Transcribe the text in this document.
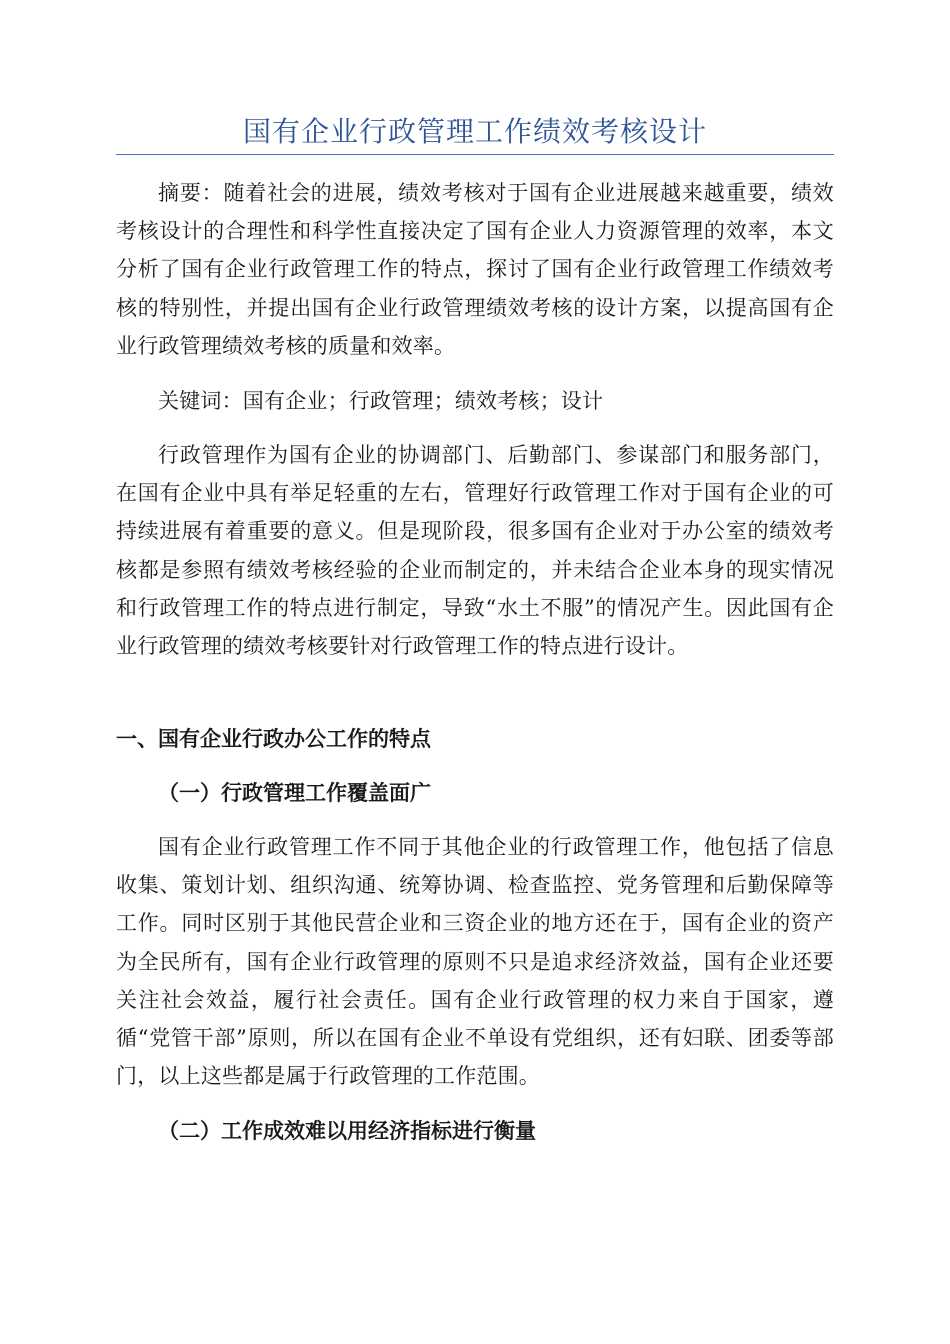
国有企业行政管理工作绩效考核设计

摘要：随着社会的进展，绩效考核对于国有企业进展越来越重要，绩效考核设计的合理性和科学性直接决定了国有企业人力资源管理的效率，本文分析了国有企业行政管理工作的特点，探讨了国有企业行政管理工作绩效考核的特别性，并提出国有企业行政管理绩效考核的设计方案，以提高国有企业行政管理绩效考核的质量和效率。

关键词：国有企业；行政管理；绩效考核；设计

行政管理作为国有企业的协调部门、后勤部门、参谋部门和服务部门，在国有企业中具有举足轻重的左右，管理好行政管理工作对于国有企业的可持续进展有着重要的意义。但是现阶段，很多国有企业对于办公室的绩效考核都是参照有绩效考核经验的企业而制定的，并未结合企业本身的现实情况和行政管理工作的特点进行制定，导致“水土不服”的情况产生。因此国有企业行政管理的绩效考核要针对行政管理工作的特点进行设计。

一、国有企业行政办公工作的特点
（一）行政管理工作覆盖面广

国有企业行政管理工作不同于其他企业的行政管理工作，他包括了信息收集、策划计划、组织沟通、统筹协调、检查监控、党务管理和后勤保障等工作。同时区别于其他民营企业和三资企业的地方还在于，国有企业的资产为全民所有，国有企业行政管理的原则不只是追求经济效益，国有企业还要关注社会效益，履行社会责任。国有企业行政管理的权力来自于国家，遵循“党管干部”原则，所以在国有企业不单设有党组织，还有妇联、团委等部门，以上这些都是属于行政管理的工作范围。

（二）工作成效难以用经济指标进行衡量
